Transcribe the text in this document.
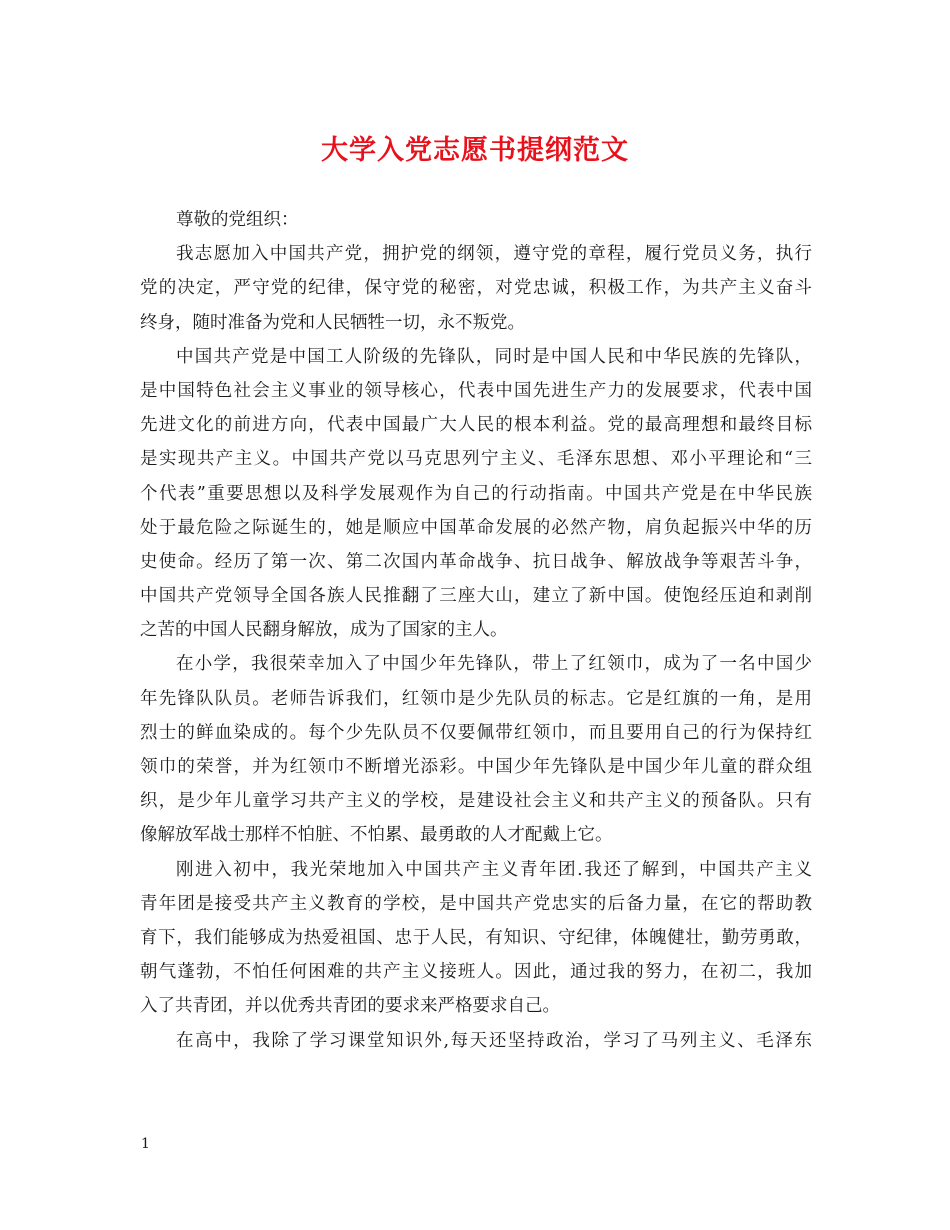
大学入党志愿书提纲范文
尊敬的党组织：
我志愿加入中国共产党，拥护党的纲领，遵守党的章程，履行党员义务，执行
党的决定，严守党的纪律，保守党的秘密，对党忠诚，积极工作，为共产主义奋斗
终身，随时准备为党和人民牺牲一切，永不叛党。
中国共产党是中国工人阶级的先锋队，同时是中国人民和中华民族的先锋队，
是中国特色社会主义事业的领导核心，代表中国先进生产力的发展要求，代表中国
先进文化的前进方向，代表中国最广大人民的根本利益。党的最高理想和最终目标
是实现共产主义。中国共产党以马克思列宁主义、毛泽东思想、邓小平理论和“三
个代表”重要思想以及科学发展观作为自己的行动指南。中国共产党是在中华民族
处于最危险之际诞生的，她是顺应中国革命发展的必然产物，肩负起振兴中华的历
史使命。经历了第一次、第二次国内革命战争、抗日战争、解放战争等艰苦斗争，
中国共产党领导全国各族人民推翻了三座大山，建立了新中国。使饱经压迫和剥削
之苦的中国人民翻身解放，成为了国家的主人。
在小学，我很荣幸加入了中国少年先锋队，带上了红领巾，成为了一名中国少
年先锋队队员。老师告诉我们，红领巾是少先队员的标志。它是红旗的一角，是用
烈士的鲜血染成的。每个少先队员不仅要佩带红领巾，而且要用自己的行为保持红
领巾的荣誉，并为红领巾不断增光添彩。中国少年先锋队是中国少年儿童的群众组
织，是少年儿童学习共产主义的学校，是建设社会主义和共产主义的预备队。只有
像解放军战士那样不怕脏、不怕累、最勇敢的人才配戴上它。
刚进入初中，我光荣地加入中国共产主义青年团.我还了解到，中国共产主义
青年团是接受共产主义教育的学校，是中国共产党忠实的后备力量，在它的帮助教
育下，我们能够成为热爱祖国、忠于人民，有知识、守纪律，体魄健壮，勤劳勇敢，
朝气蓬勃，不怕任何困难的共产主义接班人。因此，通过我的努力，在初二，我加
入了共青团，并以优秀共青团的要求来严格要求自己。
在高中，我除了学习课堂知识外,每天还坚持政治，学习了马列主义、毛泽东
1
